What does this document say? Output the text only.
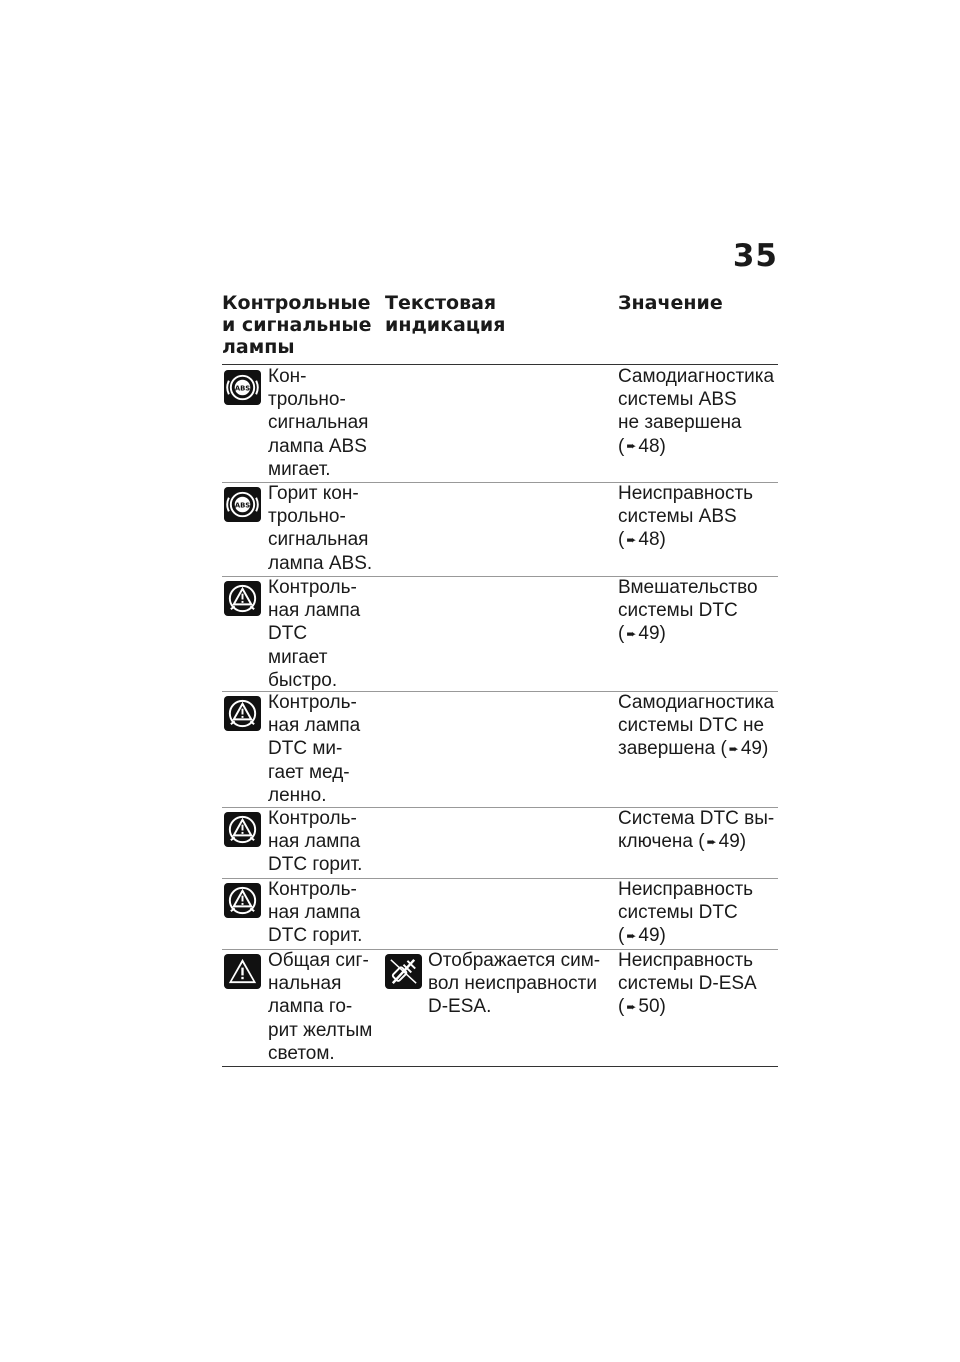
35
Контрольные
и сигнальные
лампы
Текстовая индикация
Значение
ABS
Кон-
трольно-
сигнальная
лампа ABS
мигает.
Самодиагностика
системы ABS
не завершена
( ➨ 48)
ABS
Горит кон-
трольно-
сигнальная
лампа ABS.
Неисправность
системы ABS
( ➨ 48)
Контроль-
ная лампа
DTC
мигает
быстро.
Вмешательство
системы DTC
( ➨ 49)
Контроль-
ная лампа
DTC ми-
гает мед-
ленно.
Самодиагностика
системы DTC не
завершена ( ➨ 49)
Контроль-
ная лампа
DTC горит.
Система DTC вы-
ключена ( ➨ 49)
Контроль-
ная лампа
DTC горит.
Неисправность
системы DTC
( ➨ 49)
Общая сиг-
нальная
лампа го-
рит желтым
светом.
Отображается сим-
вол неисправности
D-ESA.
Неисправность
системы D-ESA
( ➨ 50)
